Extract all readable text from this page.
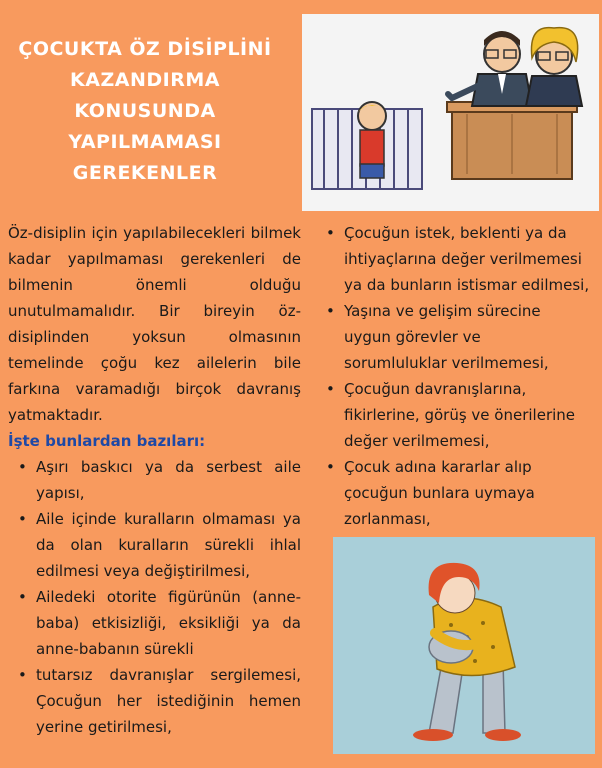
ÇOCUKTA ÖZ DİSİPLİNİ
KAZANDIRMA
KONUSUNDA
YAPILMAMASI
GEREKENLER

Öz-disiplin için yapılabilecekleri bilmek kadar yapılmaması gerekenleri de bilmenin önemli olduğu unutulmamalıdır. Bir bireyin öz-disiplinden yoksun olmasının temelinde çoğu kez ailelerin bile farkına varamadığı birçok davranış yatmaktadır.

İşte bunlardan bazıları:

• Aşırı baskıcı ya da serbest aile yapısı,
• Aile içinde kuralların olmaması ya da olan kuralların sürekli ihlal edilmesi veya değiştirilmesi,
• Ailedeki otorite figürünün (anne-baba) etkisizliği, eksikliği ya da anne-babanın sürekli
• tutarsız davranışlar sergilemesi, Çocuğun her istediğinin hemen yerine getirilmesi,
• Çocuğun istek, beklenti ya da
ihtiyaçlarına değer verilmemesi
ya da bunların istismar edilmesi,
• Yaşına ve gelişim sürecine
uygun görevler ve
sorumluluklar verilmemesi,
• Çocuğun davranışlarına,
fikirlerine, görüş ve önerilerine
değer verilmemesi,
• Çocuk adına kararlar alıp
çocuğun bunlara uymaya
zorlanması,
